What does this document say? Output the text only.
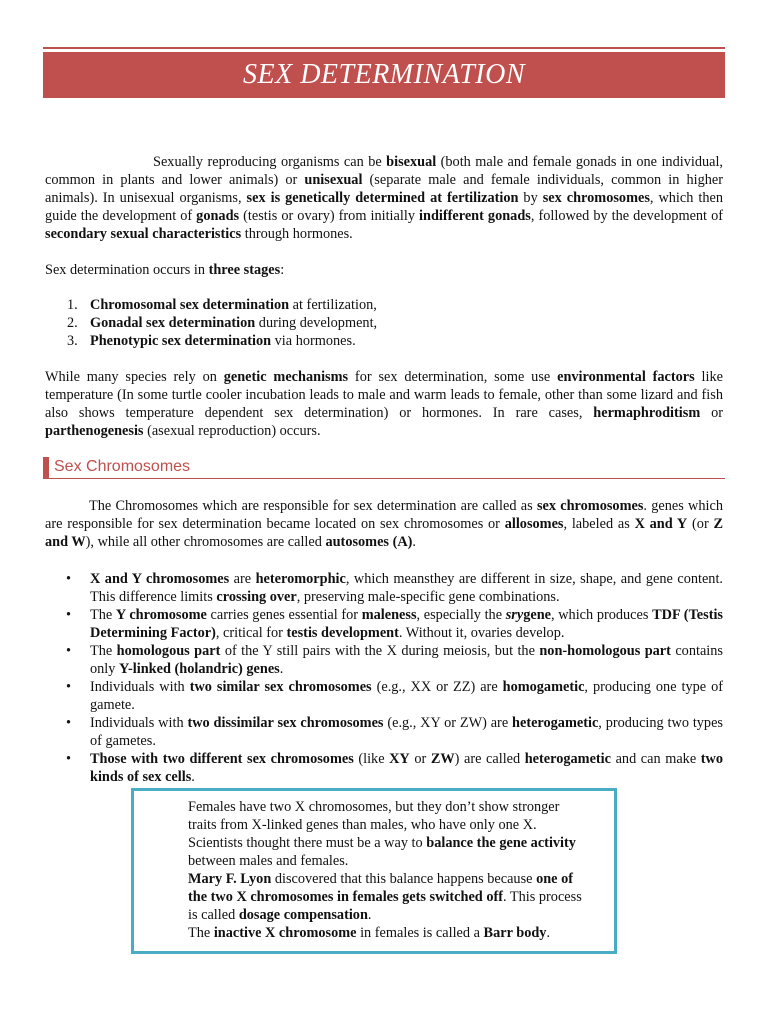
SEX DETERMINATION
Sexually reproducing organisms can be bisexual (both male and female gonads in one individual, common in plants and lower animals) or unisexual (separate male and female individuals, common in higher animals). In unisexual organisms, sex is genetically determined at fertilization by sex chromosomes, which then guide the development of gonads (testis or ovary) from initially indifferent gonads, followed by the development of secondary sexual characteristics through hormones.
Sex determination occurs in three stages:
1. Chromosomal sex determination at fertilization,
2. Gonadal sex determination during development,
3. Phenotypic sex determination via hormones.
While many species rely on genetic mechanisms for sex determination, some use environmental factors like temperature (In some turtle cooler incubation leads to male and warm leads to female, other than some lizard and fish also shows temperature dependent sex determination) or hormones. In rare cases, hermaphroditism or parthenogenesis (asexual reproduction) occurs.
Sex Chromosomes
The Chromosomes which are responsible for sex determination are called as sex chromosomes. genes which are responsible for sex determination became located on sex chromosomes or allosomes, labeled as X and Y (or Z and W), while all other chromosomes are called autosomes (A).
•	X and Y chromosomes are heteromorphic, which meansthey are different in size, shape, and gene content. This difference limits crossing over, preserving male-specific gene combinations.
•	The Y chromosome carries genes essential for maleness, especially the srygene, which produces TDF (Testis Determining Factor), critical for testis development. Without it, ovaries develop.
•	The homologous part of the Y still pairs with the X during meiosis, but the non-homologous part contains only Y-linked (holandric) genes.
•	Individuals with two similar sex chromosomes (e.g., XX or ZZ) are homogametic, producing one type of gamete.
•	Individuals with two dissimilar sex chromosomes (e.g., XY or ZW) are heterogametic, producing two types of gametes.
•	Those with two different sex chromosomes (like XY or ZW) are called heterogametic and can make two kinds of sex cells.
Females have two X chromosomes, but they don’t show stronger
traits from X-linked genes than males, who have only one X.
Scientists thought there must be a way to balance the gene activity
between males and females.
Mary F. Lyon discovered that this balance happens because one of
the two X chromosomes in females gets switched off. This process
is called dosage compensation.
The inactive X chromosome in females is called a Barr body.
